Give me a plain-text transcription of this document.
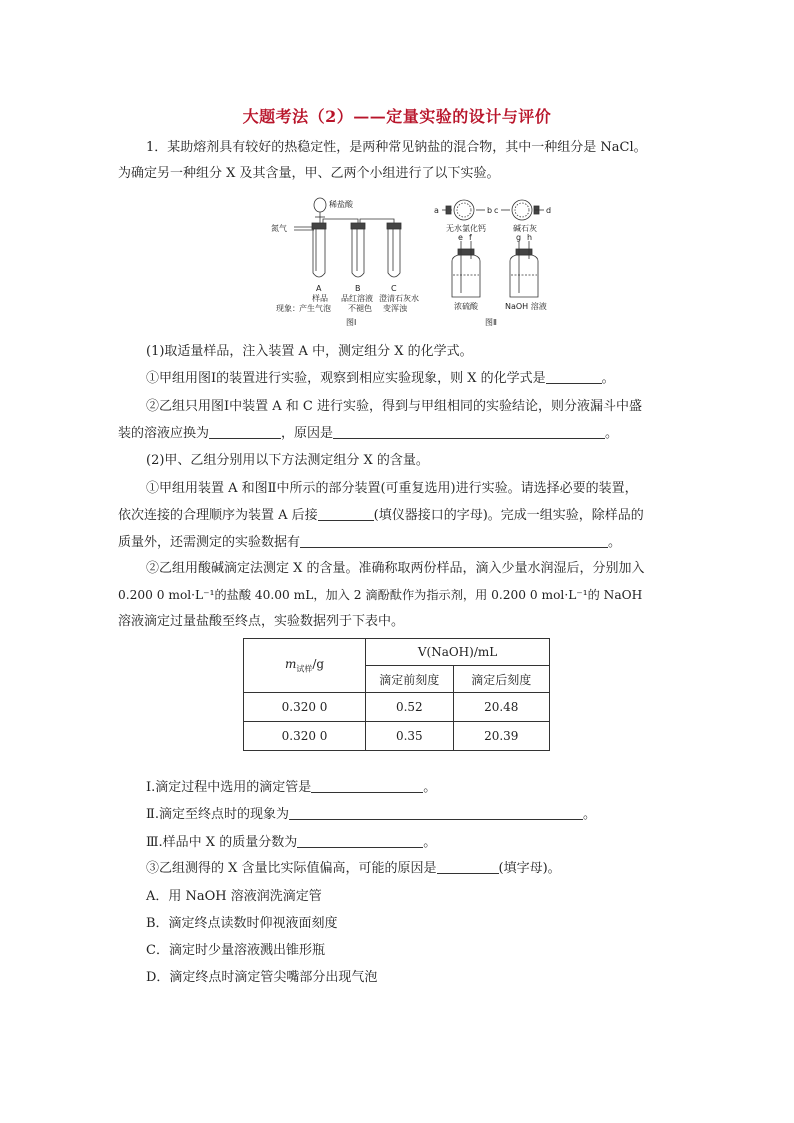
大题考法（2）——定量实验的设计与评价
1．某助熔剂具有较好的热稳定性，是两种常见钠盐的混合物，其中一种组分是 NaCl。
为确定另一种组分 X 及其含量，甲、乙两个小组进行了以下实验。
氮气
稀盐酸
A	B	C
样品 品红溶液 澄清石灰水
现象： 产生气泡 不褪色 变浑浊
图Ⅰ
a	b c	d
无水氯化钙	碱石灰
e f	g h
浓硫酸	NaOH 溶液
图Ⅱ
(1)取适量样品，注入装置 A 中，测定组分 X 的化学式。
①甲组用图Ⅰ的装置进行实验，观察到相应实验现象，则 X 的化学式是	。
②乙组只用图Ⅰ中装置 A 和 C 进行实验，得到与甲组相同的实验结论，则分液漏斗中盛
装的溶液应换为	，原因是	。
(2)甲、乙组分别用以下方法测定组分 X 的含量。
①甲组用装置 A 和图Ⅱ中所示的部分装置(可重复选用)进行实验。请选择必要的装置，
依次连接的合理顺序为装置 A 后接	(填仪器接口的字母)。完成一组实验，除样品的
质量外，还需测定的实验数据有	。
②乙组用酸碱滴定法测定 X 的含量。准确称取两份样品，滴入少量水润湿后，分别加入
0.200 0 mol·L⁻¹的盐酸 40.00 mL，加入 2 滴酚酞作为指示剂，用 0.200 0 mol·L⁻¹的 NaOH
溶液滴定过量盐酸至终点，实验数据列于下表中。
$m_{试样}/g$	V(NaOH)/mL	
	滴定前刻度	滴定后刻度
0.320 0	0.52	20.48
0.320 0	0.35	20.39
Ⅰ.滴定过程中选用的滴定管是	。
Ⅱ.滴定至终点时的现象为	。
Ⅲ.样品中 X 的质量分数为	。
③乙组测得的 X 含量比实际值偏高，可能的原因是	(填字母)。
A．用 NaOH 溶液润洗滴定管
B．滴定终点读数时仰视液面刻度
C．滴定时少量溶液溅出锥形瓶
D．滴定终点时滴定管尖嘴部分出现气泡
